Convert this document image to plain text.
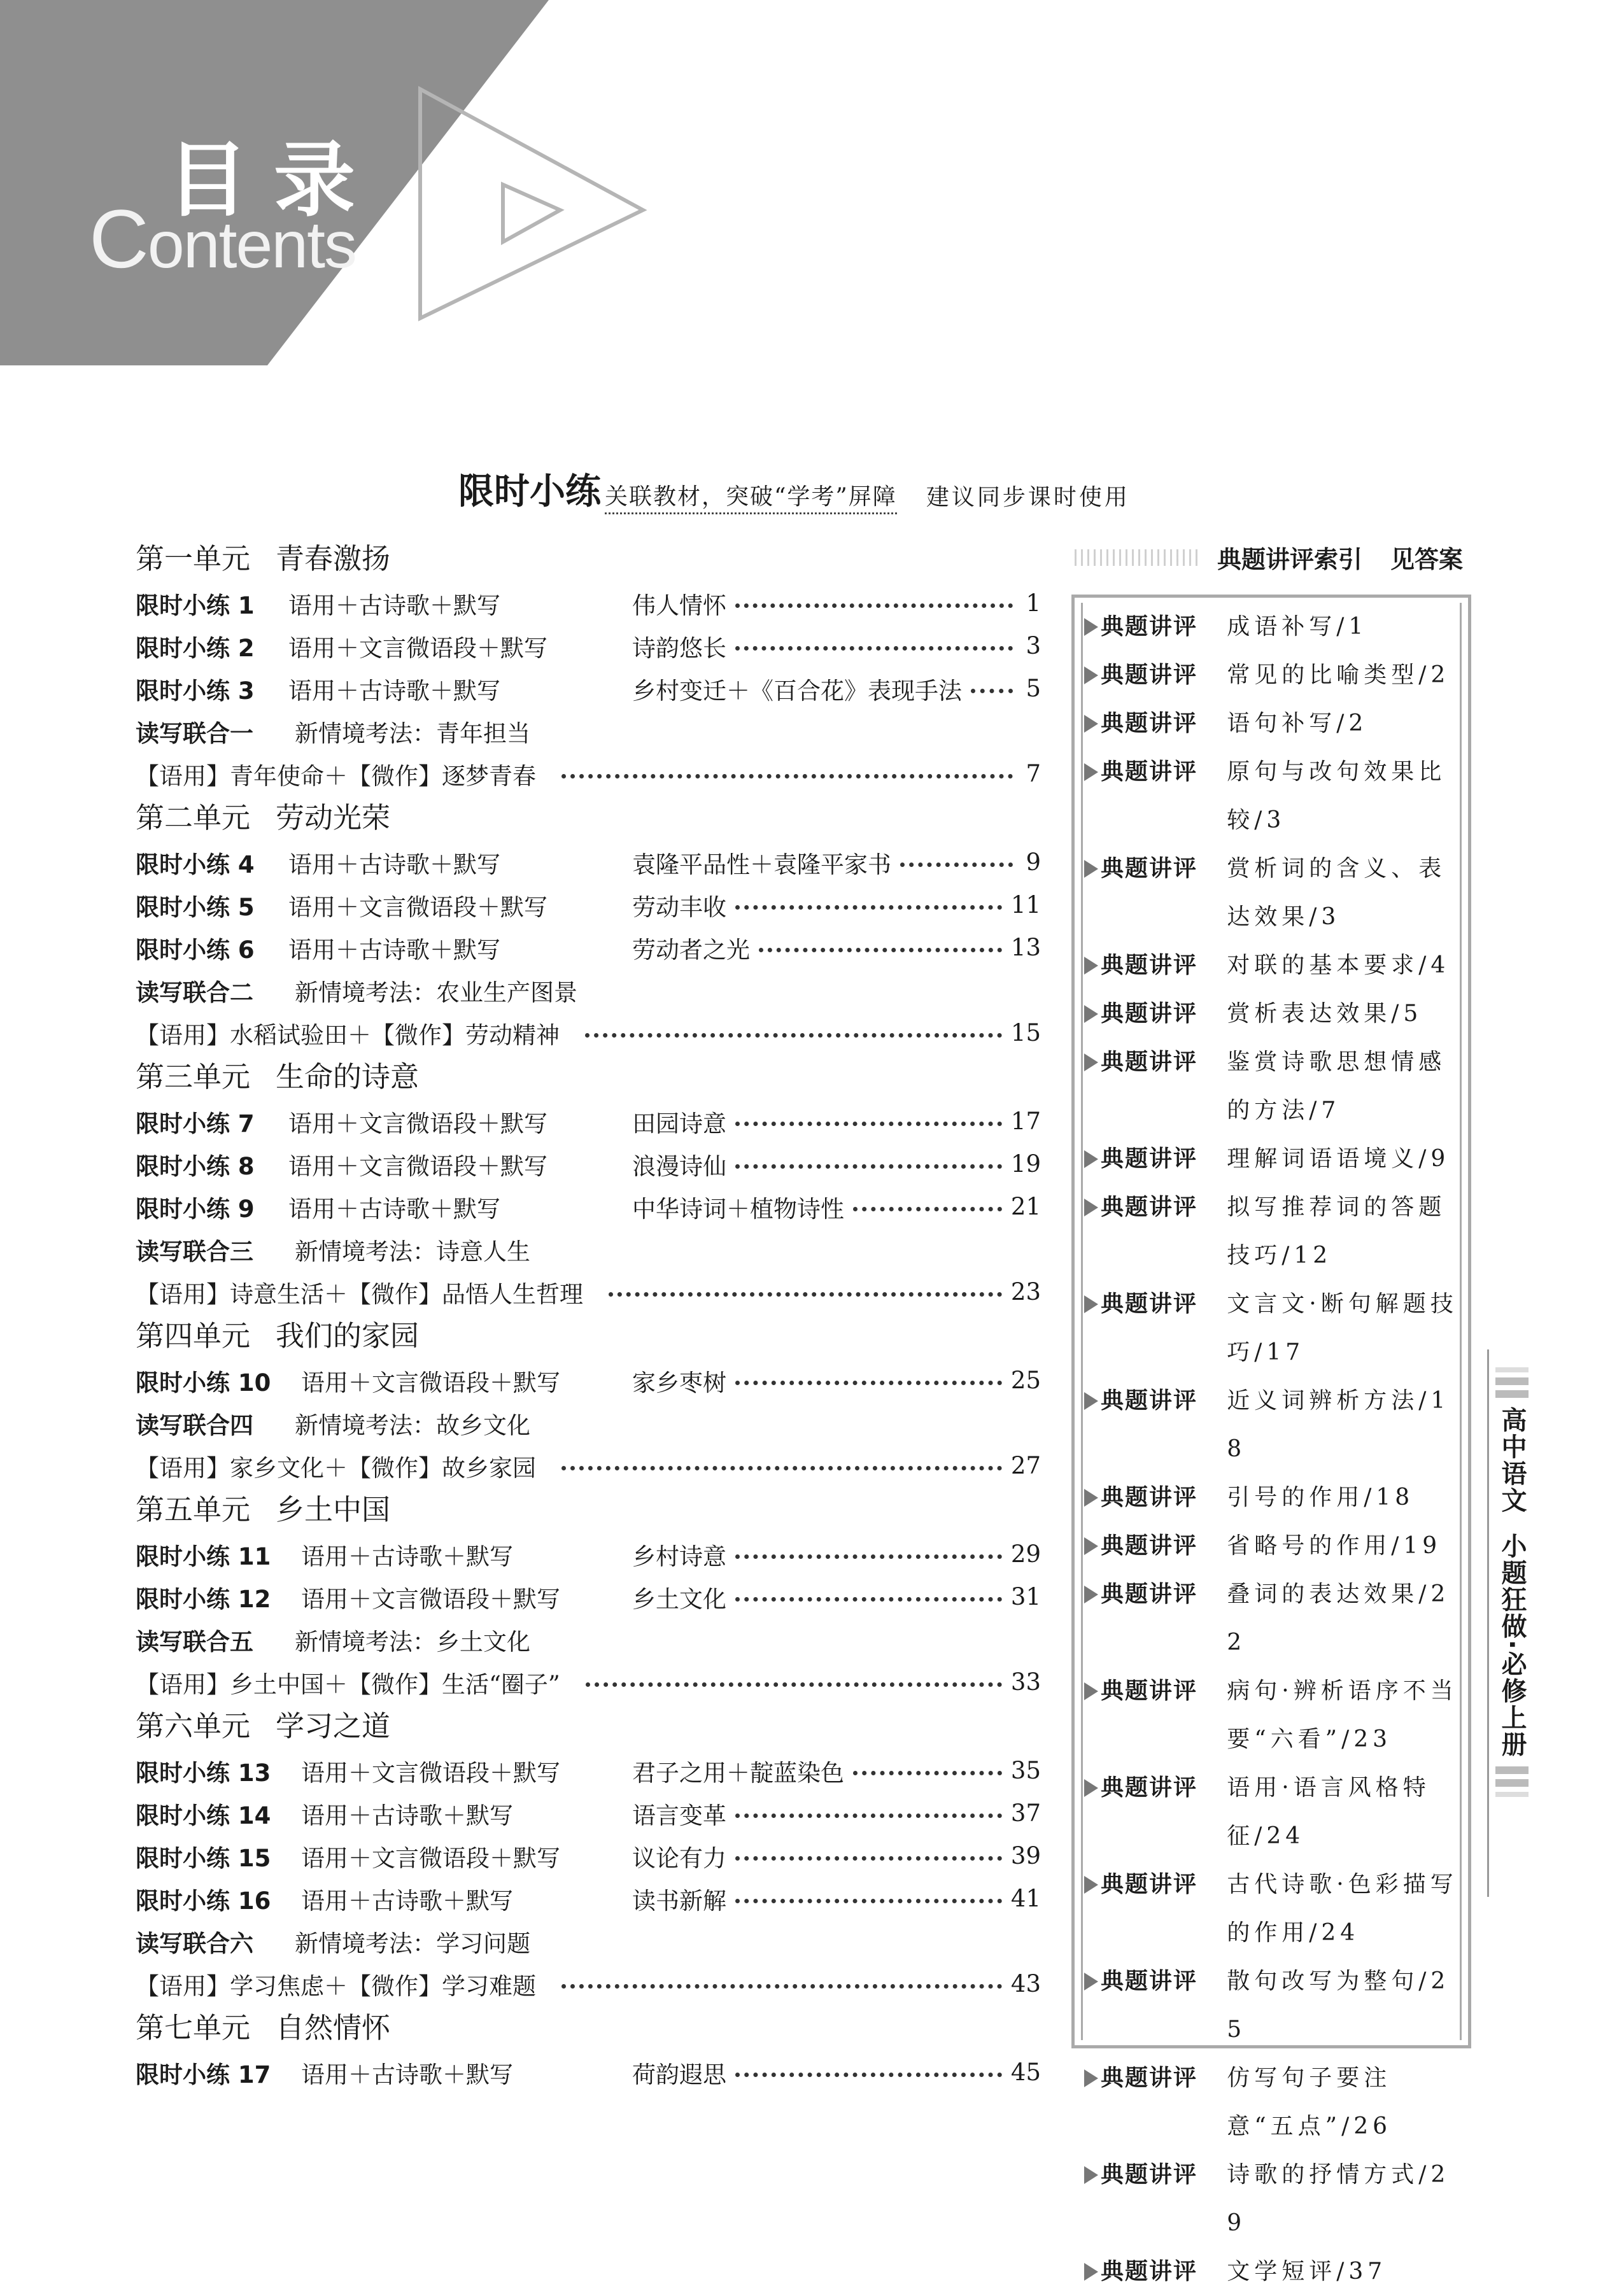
目录
Contents
限时小练 关联教材，突破“学考”屏障 建议同步课时使用
第一单元 青春激扬
限时小练 1	语用＋古诗歌＋默写	伟人情怀	1
限时小练 2	语用＋文言微语段＋默写	诗韵悠长	3
限时小练 3	语用＋古诗歌＋默写	乡村变迁＋《百合花》表现手法	5
读写联合一	新情境考法：青年担当
【语用】青年使命＋【微作】逐梦青春	7
第二单元 劳动光荣
限时小练 4	语用＋古诗歌＋默写	袁隆平品性＋袁隆平家书	9
限时小练 5	语用＋文言微语段＋默写	劳动丰收	11
限时小练 6	语用＋古诗歌＋默写	劳动者之光	13
读写联合二	新情境考法：农业生产图景
【语用】水稻试验田＋【微作】劳动精神	15
第三单元 生命的诗意
限时小练 7	语用＋文言微语段＋默写	田园诗意	17
限时小练 8	语用＋文言微语段＋默写	浪漫诗仙	19
限时小练 9	语用＋古诗歌＋默写	中华诗词＋植物诗性	21
读写联合三	新情境考法：诗意人生
【语用】诗意生活＋【微作】品悟人生哲理	23
第四单元 我们的家园
限时小练 10	语用＋文言微语段＋默写	家乡枣树	25
读写联合四	新情境考法：故乡文化
【语用】家乡文化＋【微作】故乡家园	27
第五单元 乡土中国
限时小练 11	语用＋古诗歌＋默写	乡村诗意	29
限时小练 12	语用＋文言微语段＋默写	乡土文化	31
读写联合五	新情境考法：乡土文化
【语用】乡土中国＋【微作】生活“圈子”	33
第六单元 学习之道
限时小练 13	语用＋文言微语段＋默写	君子之用＋靛蓝染色	35
限时小练 14	语用＋古诗歌＋默写	语言变革	37
限时小练 15	语用＋文言微语段＋默写	议论有力	39
限时小练 16	语用＋古诗歌＋默写	读书新解	41
读写联合六	新情境考法：学习问题
【语用】学习焦虑＋【微作】学习难题	43
第七单元 自然情怀
限时小练 17	语用＋古诗歌＋默写	荷韵遐思	45
典题讲评索引 见答案
典题讲评	成语补写/1
典题讲评	常见的比喻类型/2
典题讲评	语句补写/2
典题讲评	原句与改句效果比较/3
典题讲评	赏析词的含义、表达效果/3
典题讲评	对联的基本要求/4
典题讲评	赏析表达效果/5
典题讲评	鉴赏诗歌思想情感的方法/7
典题讲评	理解词语语境义/9
典题讲评	拟写推荐词的答题技巧/12
典题讲评	文言文·断句解题技巧/17
典题讲评	近义词辨析方法/18
典题讲评	引号的作用/18
典题讲评	省略号的作用/19
典题讲评	叠词的表达效果/22
典题讲评	病句·辨析语序不当要“六看”/23
典题讲评	语用·语言风格特征/24
典题讲评	古代诗歌·色彩描写的作用/24
典题讲评	散句改写为整句/25
典题讲评	仿写句子要注意“五点”/26
典题讲评	诗歌的抒情方式/29
典题讲评	文学短评/37
高中语文
小题狂做·必修上册
